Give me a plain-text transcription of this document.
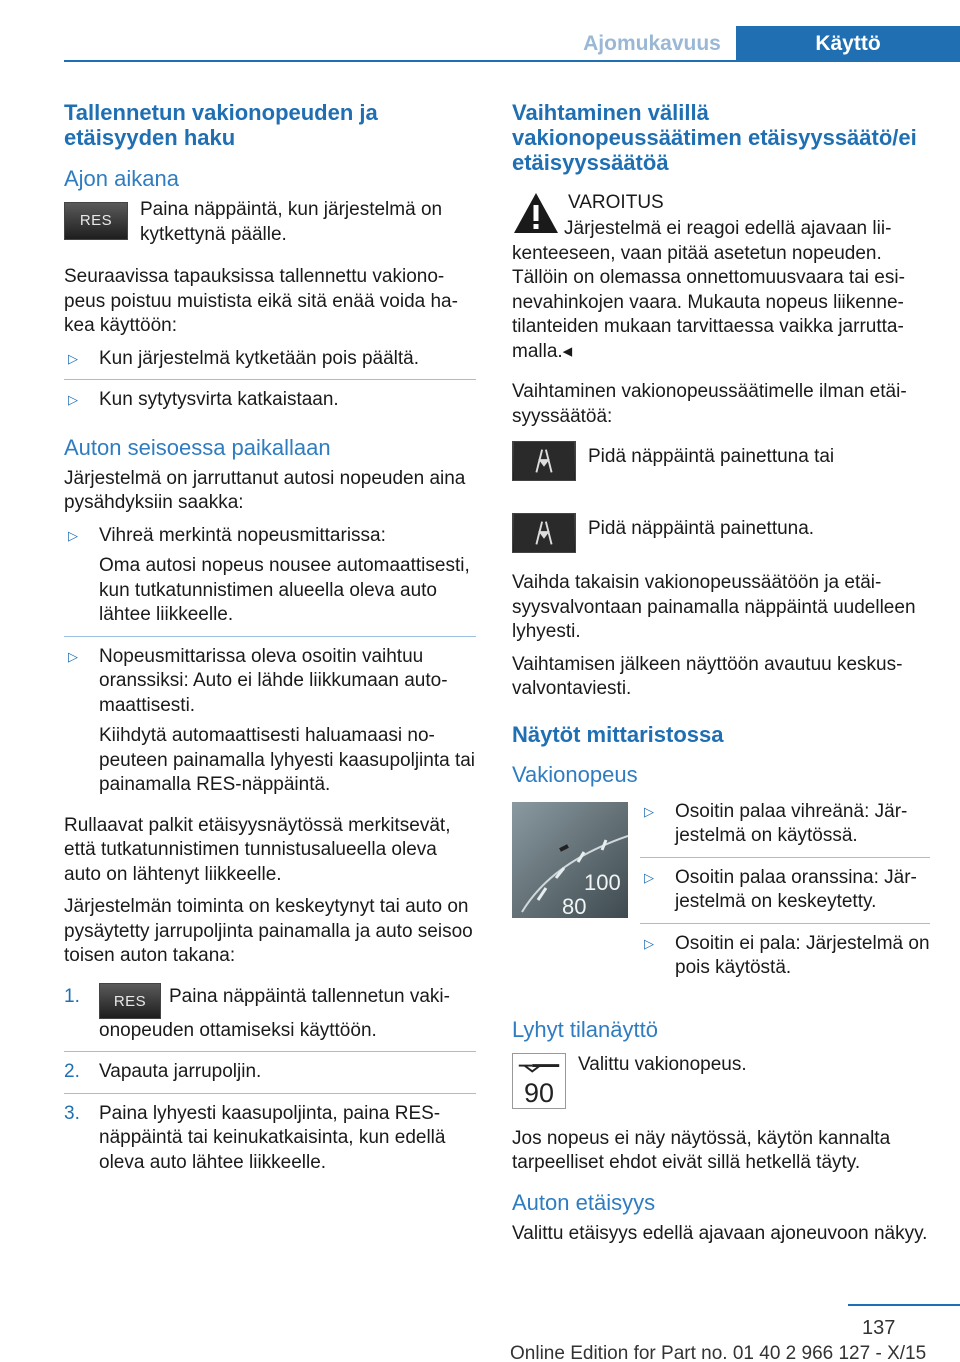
Ajomukavuus	Käyttö
Tallennetun vakionopeuden ja etäisyyden haku
Ajon aikana
RES
Paina näppäintä, kun järjestelmä on kytkettynä päälle.

Seuraavissa tapauksissa tallennettu vakionopeus poistuu muistista eikä sitä enää voida hakea käyttöön:

▷ Kun järjestelmä kytketään pois päältä.
▷ Kun sytytysvirta katkaistaan.
Auton seisoessa paikallaan

Järjestelmä on jarruttanut autosi nopeuden aina pysähdyksiin saakka:

▷ Vihreä merkintä nopeusmittarissa:
Oma autosi nopeus nousee automaattisesti, kun tutkatunnistimen alueella oleva auto lähtee liikkeelle.
▷ Nopeusmittarissa oleva osoitin vaihtuu oranssiksi: Auto ei lähde liikkumaan automaattisesti.
Kiihdytä automaattisesti haluamaasi nopeuteen painamalla lyhyesti kaasupoljinta tai painamalla RES-näppäintä.

Rullaavat palkit etäisyysnäytössä merkitsevät, että tutkatunnistimen tunnistusalueella oleva auto on lähtenyt liikkeelle.

Järjestelmän toiminta on keskeytynyt tai auto on pysäytetty jarrupoljinta painamalla ja auto seisoo toisen auton takana:

1. RES Paina näppäintä tallennetun vakionopeuden ottamiseksi käyttöön.
2. Vapauta jarrupoljin.
3. Paina lyhyesti kaasupoljinta, paina RES-näppäintä tai keinukatkaisinta, kun edellä oleva auto lähtee liikkeelle.
Vaihtaminen välillä vakionopeussäätimen etäisyyssäätö/ei etäisyyssäätöä
VAROITUS

Järjestelmä ei reagoi edellä ajavaan liikenteeseen, vaan pitää asetetun nopeuden. Tällöin on olemassa onnettomuusvaara tai esinevahinkojen vaara. Mukauta nopeus liikennetilanteiden mukaan tarvittaessa vaikka jarruttamalla.◂

Vaihtaminen vakionopeussäätimelle ilman etäisyyssäätöä:

Pidä näppäintä painettuna tai
Pidä näppäintä painettuna.

Vaihda takaisin vakionopeussäätöön ja etäisyysvalvontaan painamalla näppäintä uudelleen lyhyesti.

Vaihtamisen jälkeen näyttöön avautuu keskusvalvontaviesti.

Näytöt mittaristossa
Vakionopeus
100
80
▷ Osoitin palaa vihreänä: Järjestelmä on käytössä.
▷ Osoitin palaa oranssina: Järjestelmä on keskeytetty.
▷ Osoitin ei pala: Järjestelmä on pois käytöstä.
Lyhyt tilanäyttö
90
Valittu vakionopeus.

Jos nopeus ei näy näytössä, käytön kannalta tarpeelliset ehdot eivät sillä hetkellä täyty.

Auton etäisyys

Valittu etäisyys edellä ajavaan ajoneuvoon näkyy.

137
Online Edition for Part no. 01 40 2 966 127 - X/15
